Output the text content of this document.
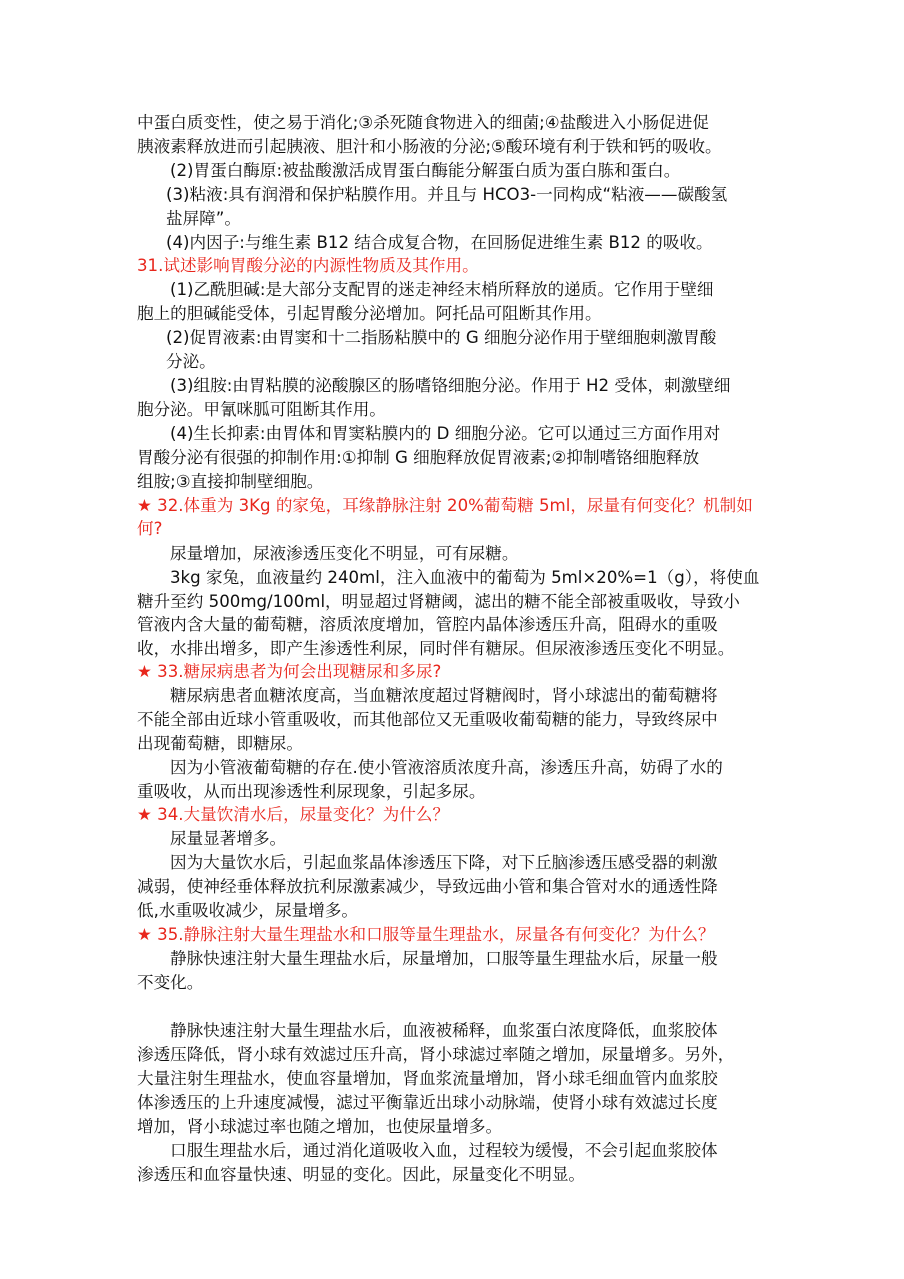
中蛋白质变性，使之易于消化;③杀死随食物进入的细菌;④盐酸进入小肠促进促
胰液素释放进而引起胰液、胆汁和小肠液的分泌;⑤酸环境有利于铁和钙的吸收。
(2)胃蛋白酶原:被盐酸激活成胃蛋白酶能分解蛋白质为蛋白胨和蛋白。
(3)粘液:具有润滑和保护粘膜作用。并且与 HCO3-一同构成“粘液——碳酸氢
盐屏障”。
(4)内因子:与维生素 B12 结合成复合物，在回肠促进维生素 B12 的吸收。
31.试述影响胃酸分泌的内源性物质及其作用。
(1)乙酰胆碱:是大部分支配胃的迷走神经末梢所释放的递质。它作用于壁细
胞上的胆碱能受体，引起胃酸分泌增加。阿托品可阻断其作用。
(2)促胃液素:由胃窦和十二指肠粘膜中的 G 细胞分泌作用于壁细胞刺激胃酸
分泌。
(3)组胺:由胃粘膜的泌酸腺区的肠嗜铬细胞分泌。作用于 H2 受体，刺激壁细
胞分泌。甲氰咪胍可阻断其作用。
(4)生长抑素:由胃体和胃窦粘膜内的 D 细胞分泌。它可以通过三方面作用对
胃酸分泌有很强的抑制作用:①抑制 G 细胞释放促胃液素;②抑制嗜铬细胞释放
组胺;③直接抑制壁细胞。
★ 32.体重为 3Kg 的家兔，耳缘静脉注射 20%葡萄糖 5ml，尿量有何变化？机制如
何?
尿量增加，尿液渗透压变化不明显，可有尿糖。
3kg 家兔，血液量约 240ml，注入血液中的葡萄为 5ml×20%=1（g），将使血
糖升至约 500mg/100ml，明显超过肾糖阈，滤出的糖不能全部被重吸收，导致小
管液内含大量的葡萄糖，溶质浓度增加，管腔内晶体渗透压升高，阻碍水的重吸
收，水排出增多，即产生渗透性利尿，同时伴有糖尿。但尿液渗透压变化不明显。
★ 33.糖尿病患者为何会出现糖尿和多尿?
糖尿病患者血糖浓度高，当血糖浓度超过肾糖阀时，肾小球滤出的葡萄糖将
不能全部由近球小管重吸收，而其他部位又无重吸收葡萄糖的能力，导致终尿中
出现葡萄糖，即糖尿。
因为小管液葡萄糖的存在.使小管液溶质浓度升高，渗透压升高，妨碍了水的
重吸收，从而出现渗透性利尿现象，引起多尿。
★ 34.大量饮清水后，尿量变化？为什么？
尿量显著增多。
因为大量饮水后，引起血浆晶体渗透压下降，对下丘脑渗透压感受器的刺激
减弱，使神经垂体释放抗利尿激素减少，导致远曲小管和集合管对水的通透性降
低,水重吸收减少，尿量增多。
★ 35.静脉注射大量生理盐水和口服等量生理盐水，尿量各有何变化？为什么？
静脉快速注射大量生理盐水后，尿量增加，口服等量生理盐水后，尿量一般
不变化。
静脉快速注射大量生理盐水后，血液被稀释，血浆蛋白浓度降低，血浆胶体
渗透压降低，肾小球有效滤过压升高，肾小球滤过率随之增加，尿量增多。另外，
大量注射生理盐水，使血容量增加，肾血浆流量增加，肾小球毛细血管内血浆胶
体渗透压的上升速度减慢，滤过平衡靠近出球小动脉端，使肾小球有效滤过长度
增加，肾小球滤过率也随之增加，也使尿量增多。
口服生理盐水后，通过消化道吸收入血，过程较为缓慢，不会引起血浆胶体
渗透压和血容量快速、明显的变化。因此，尿量变化不明显。
